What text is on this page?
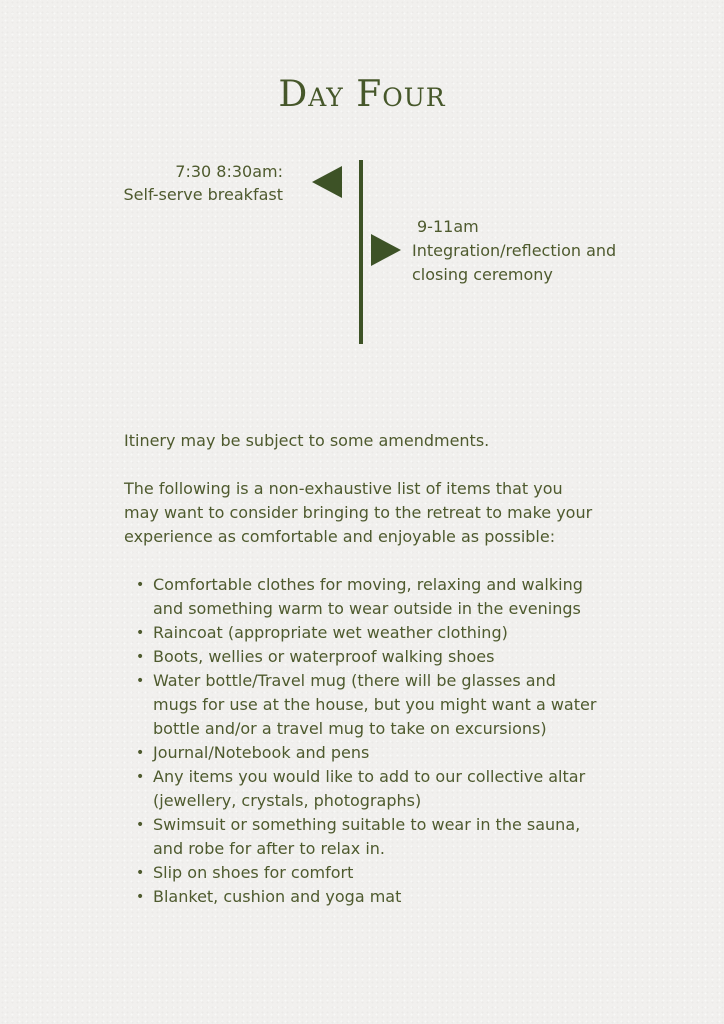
Day Four
7:30 8:30am:
Self-serve breakfast
9-11am
Integration/reflection and
closing ceremony

Itinery may be subject to some amendments.

The following is a non-exhaustive list of items that you
may want to consider bringing to the retreat to make your
experience as comfortable and enjoyable as possible:
• Comfortable clothes for moving, relaxing and walking
and something warm to wear outside in the evenings
• Raincoat (appropriate wet weather clothing)
• Boots, wellies or waterproof walking shoes
• Water bottle/Travel mug (there will be glasses and
mugs for use at the house, but you might want a water
bottle and/or a travel mug to take on excursions)
• Journal/Notebook and pens
• Any items you would like to add to our collective altar
(jewellery, crystals, photographs)
• Swimsuit or something suitable to wear in the sauna,
and robe for after to relax in.
• Slip on shoes for comfort
• Blanket, cushion and yoga mat
